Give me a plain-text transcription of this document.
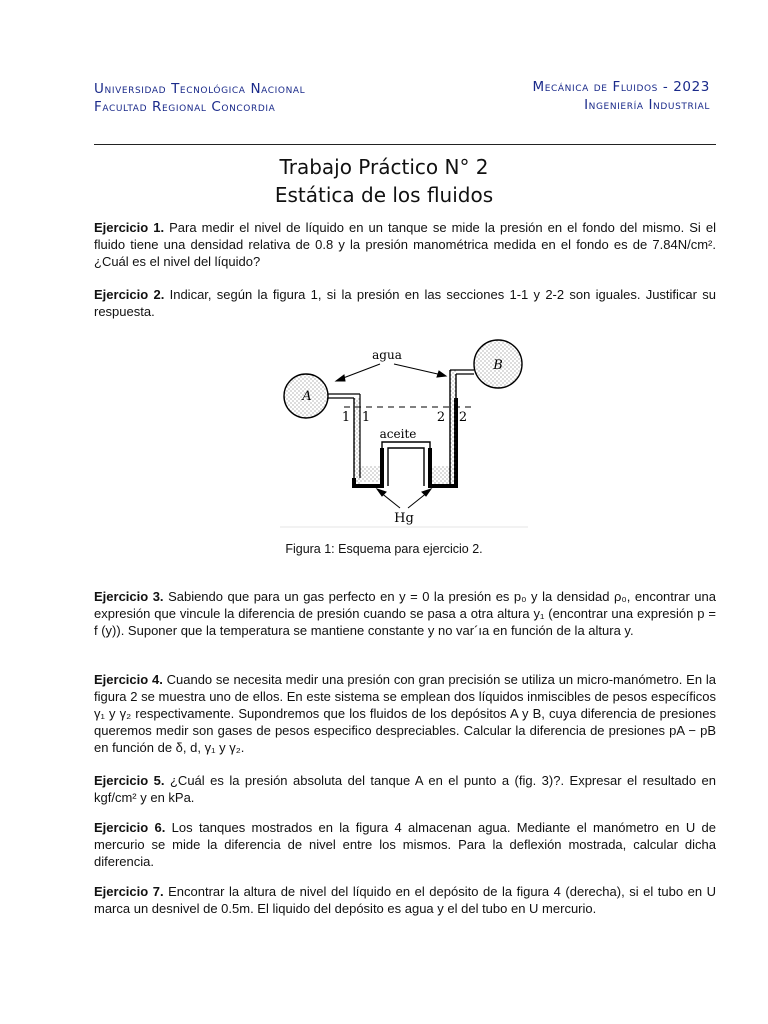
Universidad Tecnológica Nacional
Facultad Regional Concordia
Mecánica de Fluidos - 2023
Ingeniería Industrial
Trabajo Práctico N° 2
Estática de los fluidos
Ejercicio 1. Para medir el nivel de líquido en un tanque se mide la presión en el fondo del mismo. Si el fluido tiene una densidad relativa de 0.8 y la presión manométrica medida en el fondo es de 7.84N/cm². ¿Cuál es el nivel del líquido?
Ejercicio 2. Indicar, según la figura 1, si la presión en las secciones 1-1 y 2-2 son iguales. Justificar su respuesta.
A
B
1 1	2 2
agua
aceite
Hg
Figura 1: Esquema para ejercicio 2.
Ejercicio 3. Sabiendo que para un gas perfecto en y = 0 la presión es p₀ y la densidad ρ₀, encontrar una expresión que vincule la diferencia de presión cuando se pasa a otra altura y₁ (encontrar una expresión p = f (y)). Suponer que la temperatura se mantiene constante y no var´ıa en función de la altura y.
Ejercicio 4. Cuando se necesita medir una presión con gran precisión se utiliza un micro-manómetro. En la figura 2 se muestra uno de ellos. En este sistema se emplean dos líquidos inmiscibles de pesos específicos γ₁ y γ₂ respectivamente. Supondremos que los fluidos de los depósitos A y B, cuya diferencia de presiones queremos medir son gases de pesos especifico despreciables. Calcular la diferencia de presiones pA − pB en función de δ, d, γ₁ y γ₂.
Ejercicio 5. ¿Cuál es la presión absoluta del tanque A en el punto a (fig. 3)?. Expresar el resultado en kgf/cm² y en kPa.
Ejercicio 6. Los tanques mostrados en la figura 4 almacenan agua. Mediante el manómetro en U de mercurio se mide la diferencia de nivel entre los mismos. Para la deflexión mostrada, calcular dicha diferencia.
Ejercicio 7. Encontrar la altura de nivel del líquido en el depósito de la figura 4 (derecha), si el tubo en U marca un desnivel de 0.5m. El liquido del depósito es agua y el del tubo en U mercurio.
